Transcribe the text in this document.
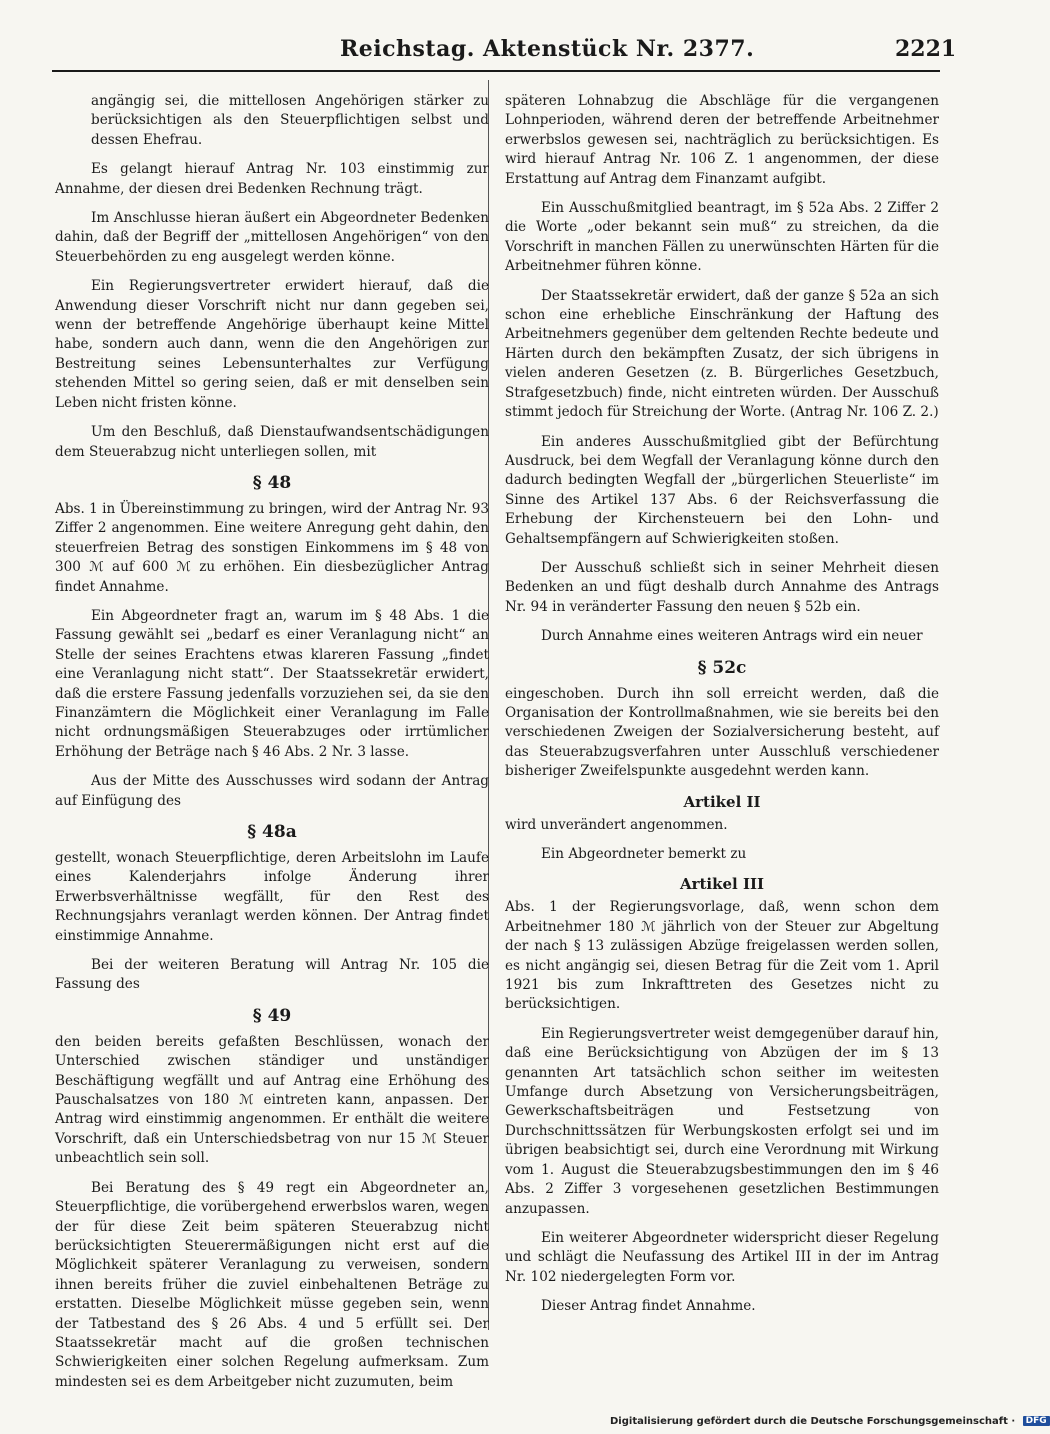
Reichstag. Aktenstück Nr. 2377.	2221

angängig sei, die mittellosen Angehörigen stärker zu berücksichtigen als den Steuerpflichtigen selbst und dessen Ehefrau.

Es gelangt hierauf Antrag Nr. 103 einstimmig zur Annahme, der diesen drei Bedenken Rechnung trägt.

Im Anschlusse hieran äußert ein Abgeordneter Bedenken dahin, daß der Begriff der „mittellosen Angehörigen“ von den Steuerbehörden zu eng ausgelegt werden könne.

Ein Regierungsvertreter erwidert hierauf, daß die Anwendung dieser Vorschrift nicht nur dann gegeben sei, wenn der betreffende Angehörige überhaupt keine Mittel habe, sondern auch dann, wenn die den Angehörigen zur Bestreitung seines Lebensunterhaltes zur Verfügung stehenden Mittel so gering seien, daß er mit denselben sein Leben nicht fristen könne.

Um den Beschluß, daß Dienstaufwandsentschädigungen dem Steuerabzug nicht unterliegen sollen, mit

§ 48

Abs. 1 in Übereinstimmung zu bringen, wird der Antrag Nr. 93 Ziffer 2 angenommen. Eine weitere Anregung geht dahin, den steuerfreien Betrag des sonstigen Einkommens im § 48 von 300 ℳ auf 600 ℳ zu erhöhen. Ein diesbezüglicher Antrag findet Annahme.

Ein Abgeordneter fragt an, warum im § 48 Abs. 1 die Fassung gewählt sei „bedarf es einer Veranlagung nicht“ an Stelle der seines Erachtens etwas klareren Fassung „findet eine Veranlagung nicht statt“. Der Staatssekretär erwidert, daß die erstere Fassung jedenfalls vorzuziehen sei, da sie den Finanzämtern die Möglichkeit einer Veranlagung im Falle nicht ordnungsmäßigen Steuerabzuges oder irrtümlicher Erhöhung der Beträge nach § 46 Abs. 2 Nr. 3 lasse.

Aus der Mitte des Ausschusses wird sodann der Antrag auf Einfügung des

§ 48a

gestellt, wonach Steuerpflichtige, deren Arbeitslohn im Laufe eines Kalenderjahrs infolge Änderung ihrer Erwerbsverhältnisse wegfällt, für den Rest des Rechnungsjahrs veranlagt werden können. Der Antrag findet einstimmige Annahme.

Bei der weiteren Beratung will Antrag Nr. 105 die Fassung des

§ 49

den beiden bereits gefaßten Beschlüssen, wonach der Unterschied zwischen ständiger und unständiger Beschäftigung wegfällt und auf Antrag eine Erhöhung des Pauschalsatzes von 180 ℳ eintreten kann, anpassen. Der Antrag wird einstimmig angenommen. Er enthält die weitere Vorschrift, daß ein Unterschiedsbetrag von nur 15 ℳ Steuer unbeachtlich sein soll.

Bei Beratung des § 49 regt ein Abgeordneter an, Steuerpflichtige, die vorübergehend erwerbslos waren, wegen der für diese Zeit beim späteren Steuerabzug nicht berücksichtigten Steuerermäßigungen nicht erst auf die Möglichkeit späterer Veranlagung zu verweisen, sondern ihnen bereits früher die zuviel einbehaltenen Beträge zu erstatten. Dieselbe Möglichkeit müsse gegeben sein, wenn der Tatbestand des § 26 Abs. 4 und 5 erfüllt sei. Der Staatssekretär macht auf die großen technischen Schwierigkeiten einer solchen Regelung aufmerksam. Zum mindesten sei es dem Arbeitgeber nicht zuzumuten, beim

späteren Lohnabzug die Abschläge für die vergangenen Lohnperioden, während deren der betreffende Arbeitnehmer erwerbslos gewesen sei, nachträglich zu berücksichtigen. Es wird hierauf Antrag Nr. 106 Z. 1 angenommen, der diese Erstattung auf Antrag dem Finanzamt aufgibt.

Ein Ausschußmitglied beantragt, im § 52a Abs. 2 Ziffer 2 die Worte „oder bekannt sein muß“ zu streichen, da die Vorschrift in manchen Fällen zu unerwünschten Härten für die Arbeitnehmer führen könne.

Der Staatssekretär erwidert, daß der ganze § 52a an sich schon eine erhebliche Einschränkung der Haftung des Arbeitnehmers gegenüber dem geltenden Rechte bedeute und Härten durch den bekämpften Zusatz, der sich übrigens in vielen anderen Gesetzen (z. B. Bürgerliches Gesetzbuch, Strafgesetzbuch) finde, nicht eintreten würden. Der Ausschuß stimmt jedoch für Streichung der Worte. (Antrag Nr. 106 Z. 2.)

Ein anderes Ausschußmitglied gibt der Befürchtung Ausdruck, bei dem Wegfall der Veranlagung könne durch den dadurch bedingten Wegfall der „bürgerlichen Steuerliste“ im Sinne des Artikel 137 Abs. 6 der Reichsverfassung die Erhebung der Kirchensteuern bei den Lohn- und Gehaltsempfängern auf Schwierigkeiten stoßen.

Der Ausschuß schließt sich in seiner Mehrheit diesen Bedenken an und fügt deshalb durch Annahme des Antrags Nr. 94 in veränderter Fassung den neuen § 52b ein.

Durch Annahme eines weiteren Antrags wird ein neuer

§ 52c

eingeschoben. Durch ihn soll erreicht werden, daß die Organisation der Kontrollmaßnahmen, wie sie bereits bei den verschiedenen Zweigen der Sozialversicherung besteht, auf das Steuerabzugsverfahren unter Ausschluß verschiedener bisheriger Zweifelspunkte ausgedehnt werden kann.

Artikel II

wird unverändert angenommen.

Ein Abgeordneter bemerkt zu

Artikel III

Abs. 1 der Regierungsvorlage, daß, wenn schon dem Arbeitnehmer 180 ℳ jährlich von der Steuer zur Abgeltung der nach § 13 zulässigen Abzüge freigelassen werden sollen, es nicht angängig sei, diesen Betrag für die Zeit vom 1. April 1921 bis zum Inkrafttreten des Gesetzes nicht zu berücksichtigen.

Ein Regierungsvertreter weist demgegenüber darauf hin, daß eine Berücksichtigung von Abzügen der im § 13 genannten Art tatsächlich schon seither im weitesten Umfange durch Absetzung von Versicherungsbeiträgen, Gewerkschaftsbeiträgen und Festsetzung von Durchschnittssätzen für Werbungskosten erfolgt sei und im übrigen beabsichtigt sei, durch eine Verordnung mit Wirkung vom 1. August die Steuerabzugsbestimmungen den im § 46 Abs. 2 Ziffer 3 vorgesehenen gesetzlichen Bestimmungen anzupassen.

Ein weiterer Abgeordneter widerspricht dieser Regelung und schlägt die Neufassung des Artikel III in der im Antrag Nr. 102 niedergelegten Form vor.

Dieser Antrag findet Annahme.

Digitalisierung gefördert durch die Deutsche Forschungsgemeinschaft · DFG
